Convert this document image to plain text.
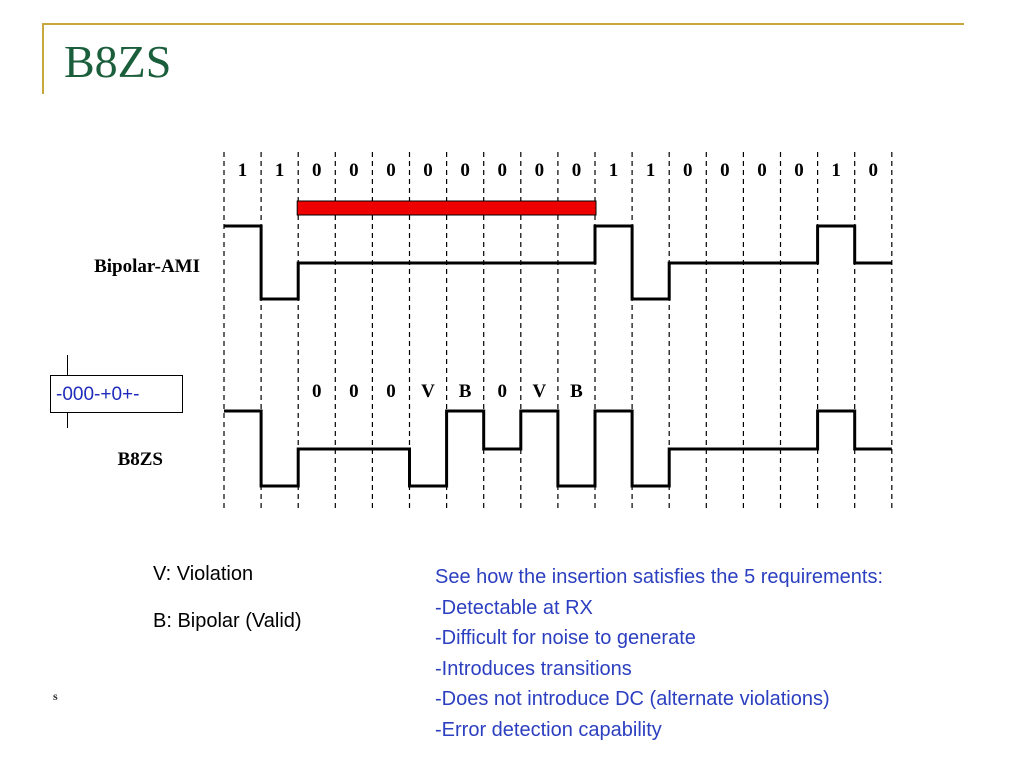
B8ZS
1 1 0 0 0 0 0 0 0 0 1 1 0 0 0 0 1 0
0 0 0 V B 0 V B
Bipolar-AMI
B8ZS
-000-+0+-
V: Violation
B: Bipolar (Valid)
See how the insertion satisfies the 5 requirements:
-Detectable at RX
-Difficult for noise to generate
-Introduces transitions
-Does not introduce DC (alternate violations)
-Error detection capability
s
